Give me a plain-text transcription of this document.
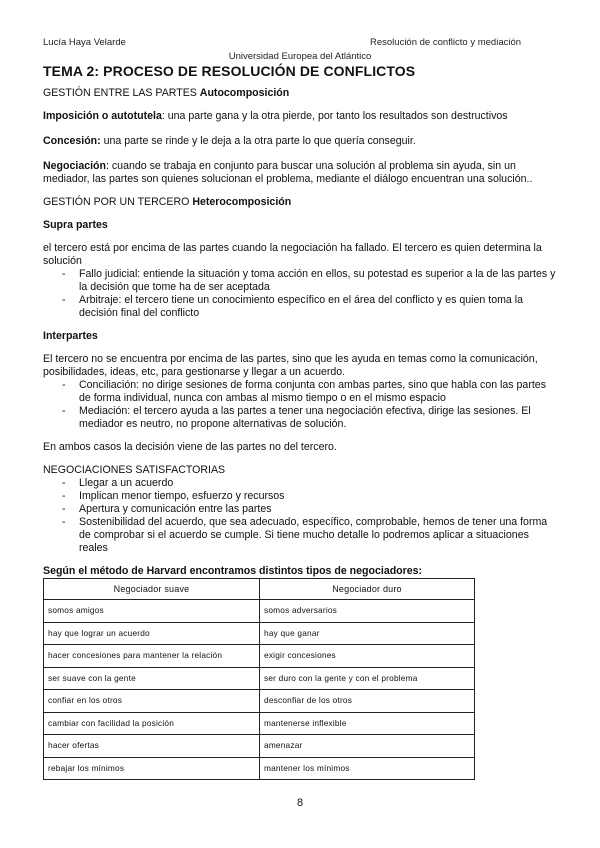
Lucía Haya Velarde	Resolución de conflicto y mediación
Universidad Europea del Atlántico
TEMA 2: PROCESO DE RESOLUCIÓN DE CONFLICTOS

GESTIÓN ENTRE LAS PARTES Autocomposición

Imposición o autotutela: una parte gana y la otra pierde, por tanto los resultados son destructivos

Concesión: una parte se rinde y le deja a la otra parte lo que quería conseguir.

Negociación: cuando se trabaja en conjunto para buscar una solución al problema sin ayuda, sin un mediador, las partes son quienes solucionan el problema, mediante el diálogo encuentran una solución..

GESTIÓN POR UN TERCERO Heterocomposición

Supra partes

el tercero está por encima de las partes cuando la negociación ha fallado. El tercero es quien determina la solución

- Fallo judicial: entiende la situación y toma acción en ellos, su potestad es superior a la de las partes y la decisión que tome ha de ser aceptada
- Arbitraje: el tercero tiene un conocimiento específico en el área del conflicto y es quien toma la decisión final del conflicto

Interpartes

El tercero no se encuentra por encima de las partes, sino que les ayuda en temas como la comunicación, posibilidades, ideas, etc, para gestionarse y llegar a un acuerdo.

- Conciliación: no dirige sesiones de forma conjunta con ambas partes, sino que habla con las partes de forma individual, nunca con ambas al mismo tiempo o en el mismo espacio
- Mediación: el tercero ayuda a las partes a tener una negociación efectiva, dirige las sesiones. El mediador es neutro, no propone alternativas de solución.

En ambos casos la decisión viene de las partes no del tercero.

NEGOCIACIONES SATISFACTORIAS

- Llegar a un acuerdo
- Implican menor tiempo, esfuerzo y recursos
- Apertura y comunicación entre las partes
- Sostenibilidad del acuerdo, que sea adecuado, específico, comprobable, hemos de tener una forma de comprobar si el acuerdo se cumple. Si tiene mucho detalle lo podremos aplicar a situaciones reales

Según el método de Harvard encontramos distintos tipos de negociadores:

Negociador suave	Negociador duro
somos amigos	somos adversarios
hay que lograr un acuerdo	hay que ganar
hacer concesiones para mantener la relación	exigir concesiones
ser suave con la gente	ser duro con la gente y con el problema
confiar en los otros	desconfiar de los otros
cambiar con facilidad la posición	mantenerse inflexible
hacer ofertas	amenazar
rebajar los mínimos	mantener los mínimos
8
